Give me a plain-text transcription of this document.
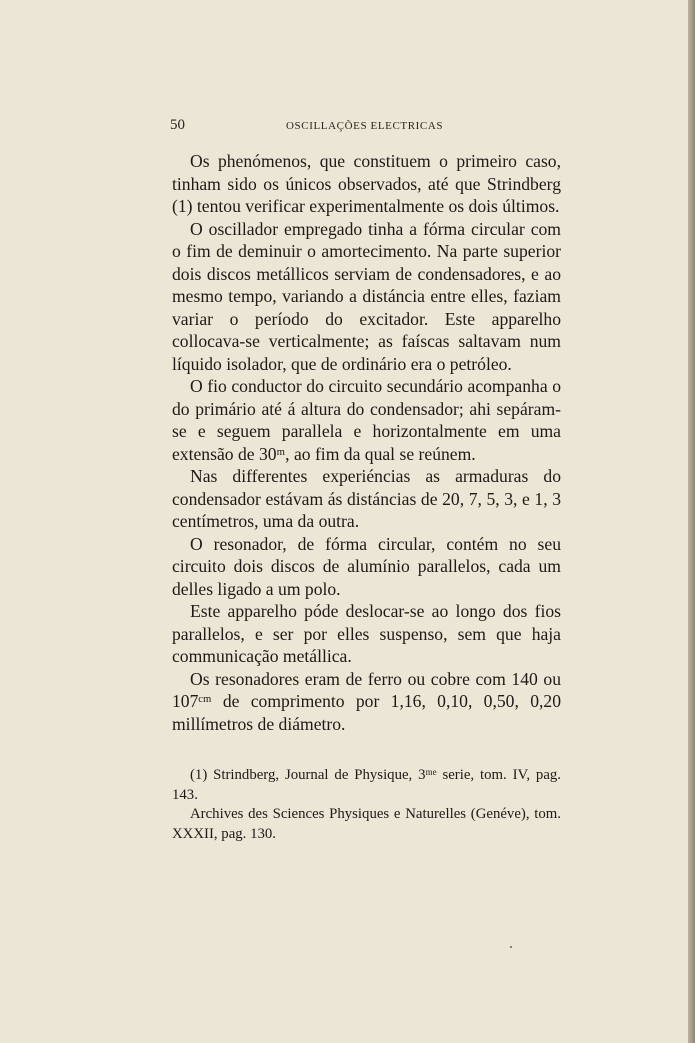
50	OSCILLAÇÕES ELECTRICAS

Os phenómenos, que constituem o primeiro caso, tinham sido os únicos observados, até que Strindberg (1) tentou verificar experimentalmente os dois últimos.

O oscillador empregado tinha a fórma circular com o fim de deminuir o amortecimento. Na parte superior dois discos metállicos serviam de condensadores, e ao mesmo tempo, variando a distáncia entre elles, faziam variar o período do excitador. Este apparelho collocava-se verticalmente; as faíscas saltavam num líquido isolador, que de ordinário era o petróleo.

O fio conductor do circuito secundário acompanha o do primário até á altura do condensador; ahi sepáram-se e seguem parallela e horizontalmente em uma extensão de 30ᵐ, ao fim da qual se reúnem.

Nas differentes experiéncias as armaduras do condensador estávam ás distáncias de 20, 7, 5, 3, e 1, 3 centímetros, uma da outra.

O resonador, de fórma circular, contém no seu circuito dois discos de alumínio parallelos, cada um delles ligado a um polo.

Este apparelho póde deslocar-se ao longo dos fios parallelos, e ser por elles suspenso, sem que haja communicação metállica.

Os resonadores eram de ferro ou cobre com 140 ou 107ᶜᵐ de comprimento por 1,16, 0,10, 0,50, 0,20 millímetros de diámetro.

(1) Strindberg, Journal de Physique, 3ᵐᵉ serie, tom. IV, pag. 143.

Archives des Sciences Physiques e Naturelles (Genéve), tom. XXXII, pag. 130.
